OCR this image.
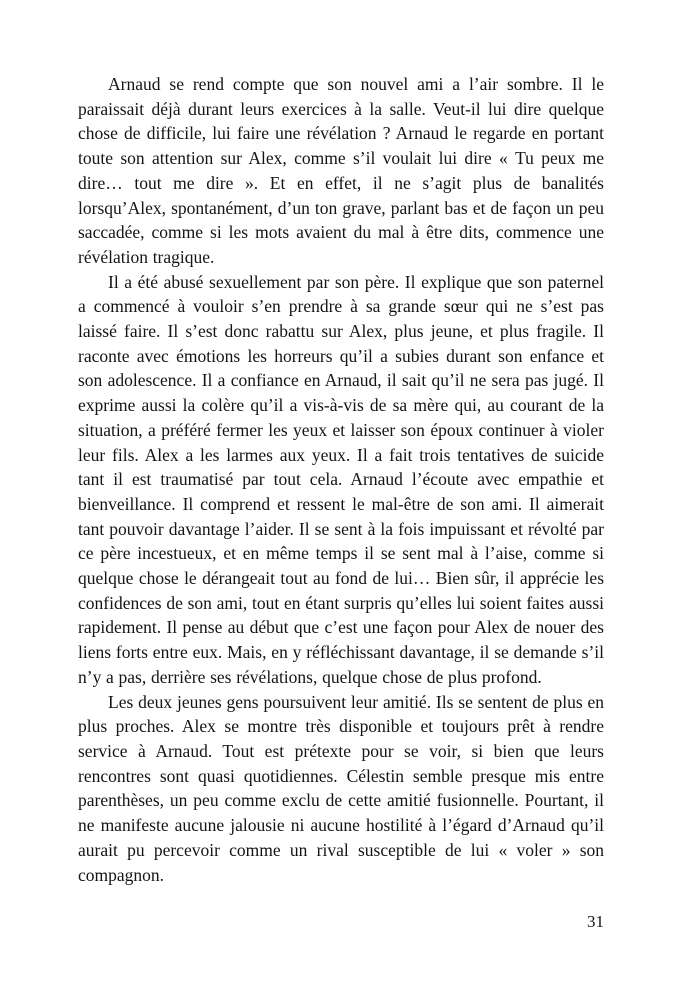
Arnaud se rend compte que son nouvel ami a l’air sombre. Il le paraissait déjà durant leurs exercices à la salle. Veut-il lui dire quelque chose de difficile, lui faire une révélation ? Arnaud le regarde en portant toute son attention sur Alex, comme s’il voulait lui dire « Tu peux me dire… tout me dire ». Et en effet, il ne s’agit plus de banalités lorsqu’Alex, spontanément, d’un ton grave, parlant bas et de façon un peu saccadée, comme si les mots avaient du mal à être dits, commence une révélation tragique.

Il a été abusé sexuellement par son père. Il explique que son paternel a commencé à vouloir s’en prendre à sa grande sœur qui ne s’est pas laissé faire. Il s’est donc rabattu sur Alex, plus jeune, et plus fragile. Il raconte avec émotions les horreurs qu’il a subies durant son enfance et son adolescence. Il a confiance en Arnaud, il sait qu’il ne sera pas jugé. Il exprime aussi la colère qu’il a vis-à-vis de sa mère qui, au courant de la situation, a préféré fermer les yeux et laisser son époux continuer à violer leur fils. Alex a les larmes aux yeux. Il a fait trois tentatives de suicide tant il est traumatisé par tout cela. Arnaud l’écoute avec empathie et bienveillance. Il comprend et ressent le mal-être de son ami. Il aimerait tant pouvoir davantage l’aider. Il se sent à la fois impuissant et révolté par ce père incestueux, et en même temps il se sent mal à l’aise, comme si quelque chose le dérangeait tout au fond de lui… Bien sûr, il apprécie les confidences de son ami, tout en étant surpris qu’elles lui soient faites aussi rapidement. Il pense au début que c’est une façon pour Alex de nouer des liens forts entre eux. Mais, en y réfléchissant davantage, il se demande s’il n’y a pas, derrière ses révélations, quelque chose de plus profond.

Les deux jeunes gens poursuivent leur amitié. Ils se sentent de plus en plus proches. Alex se montre très disponible et toujours prêt à rendre service à Arnaud. Tout est prétexte pour se voir, si bien que leurs rencontres sont quasi quotidiennes. Célestin semble presque mis entre parenthèses, un peu comme exclu de cette amitié fusionnelle. Pourtant, il ne manifeste aucune jalousie ni aucune hostilité à l’égard d’Arnaud qu’il aurait pu percevoir comme un rival susceptible de lui « voler » son compagnon.

31
